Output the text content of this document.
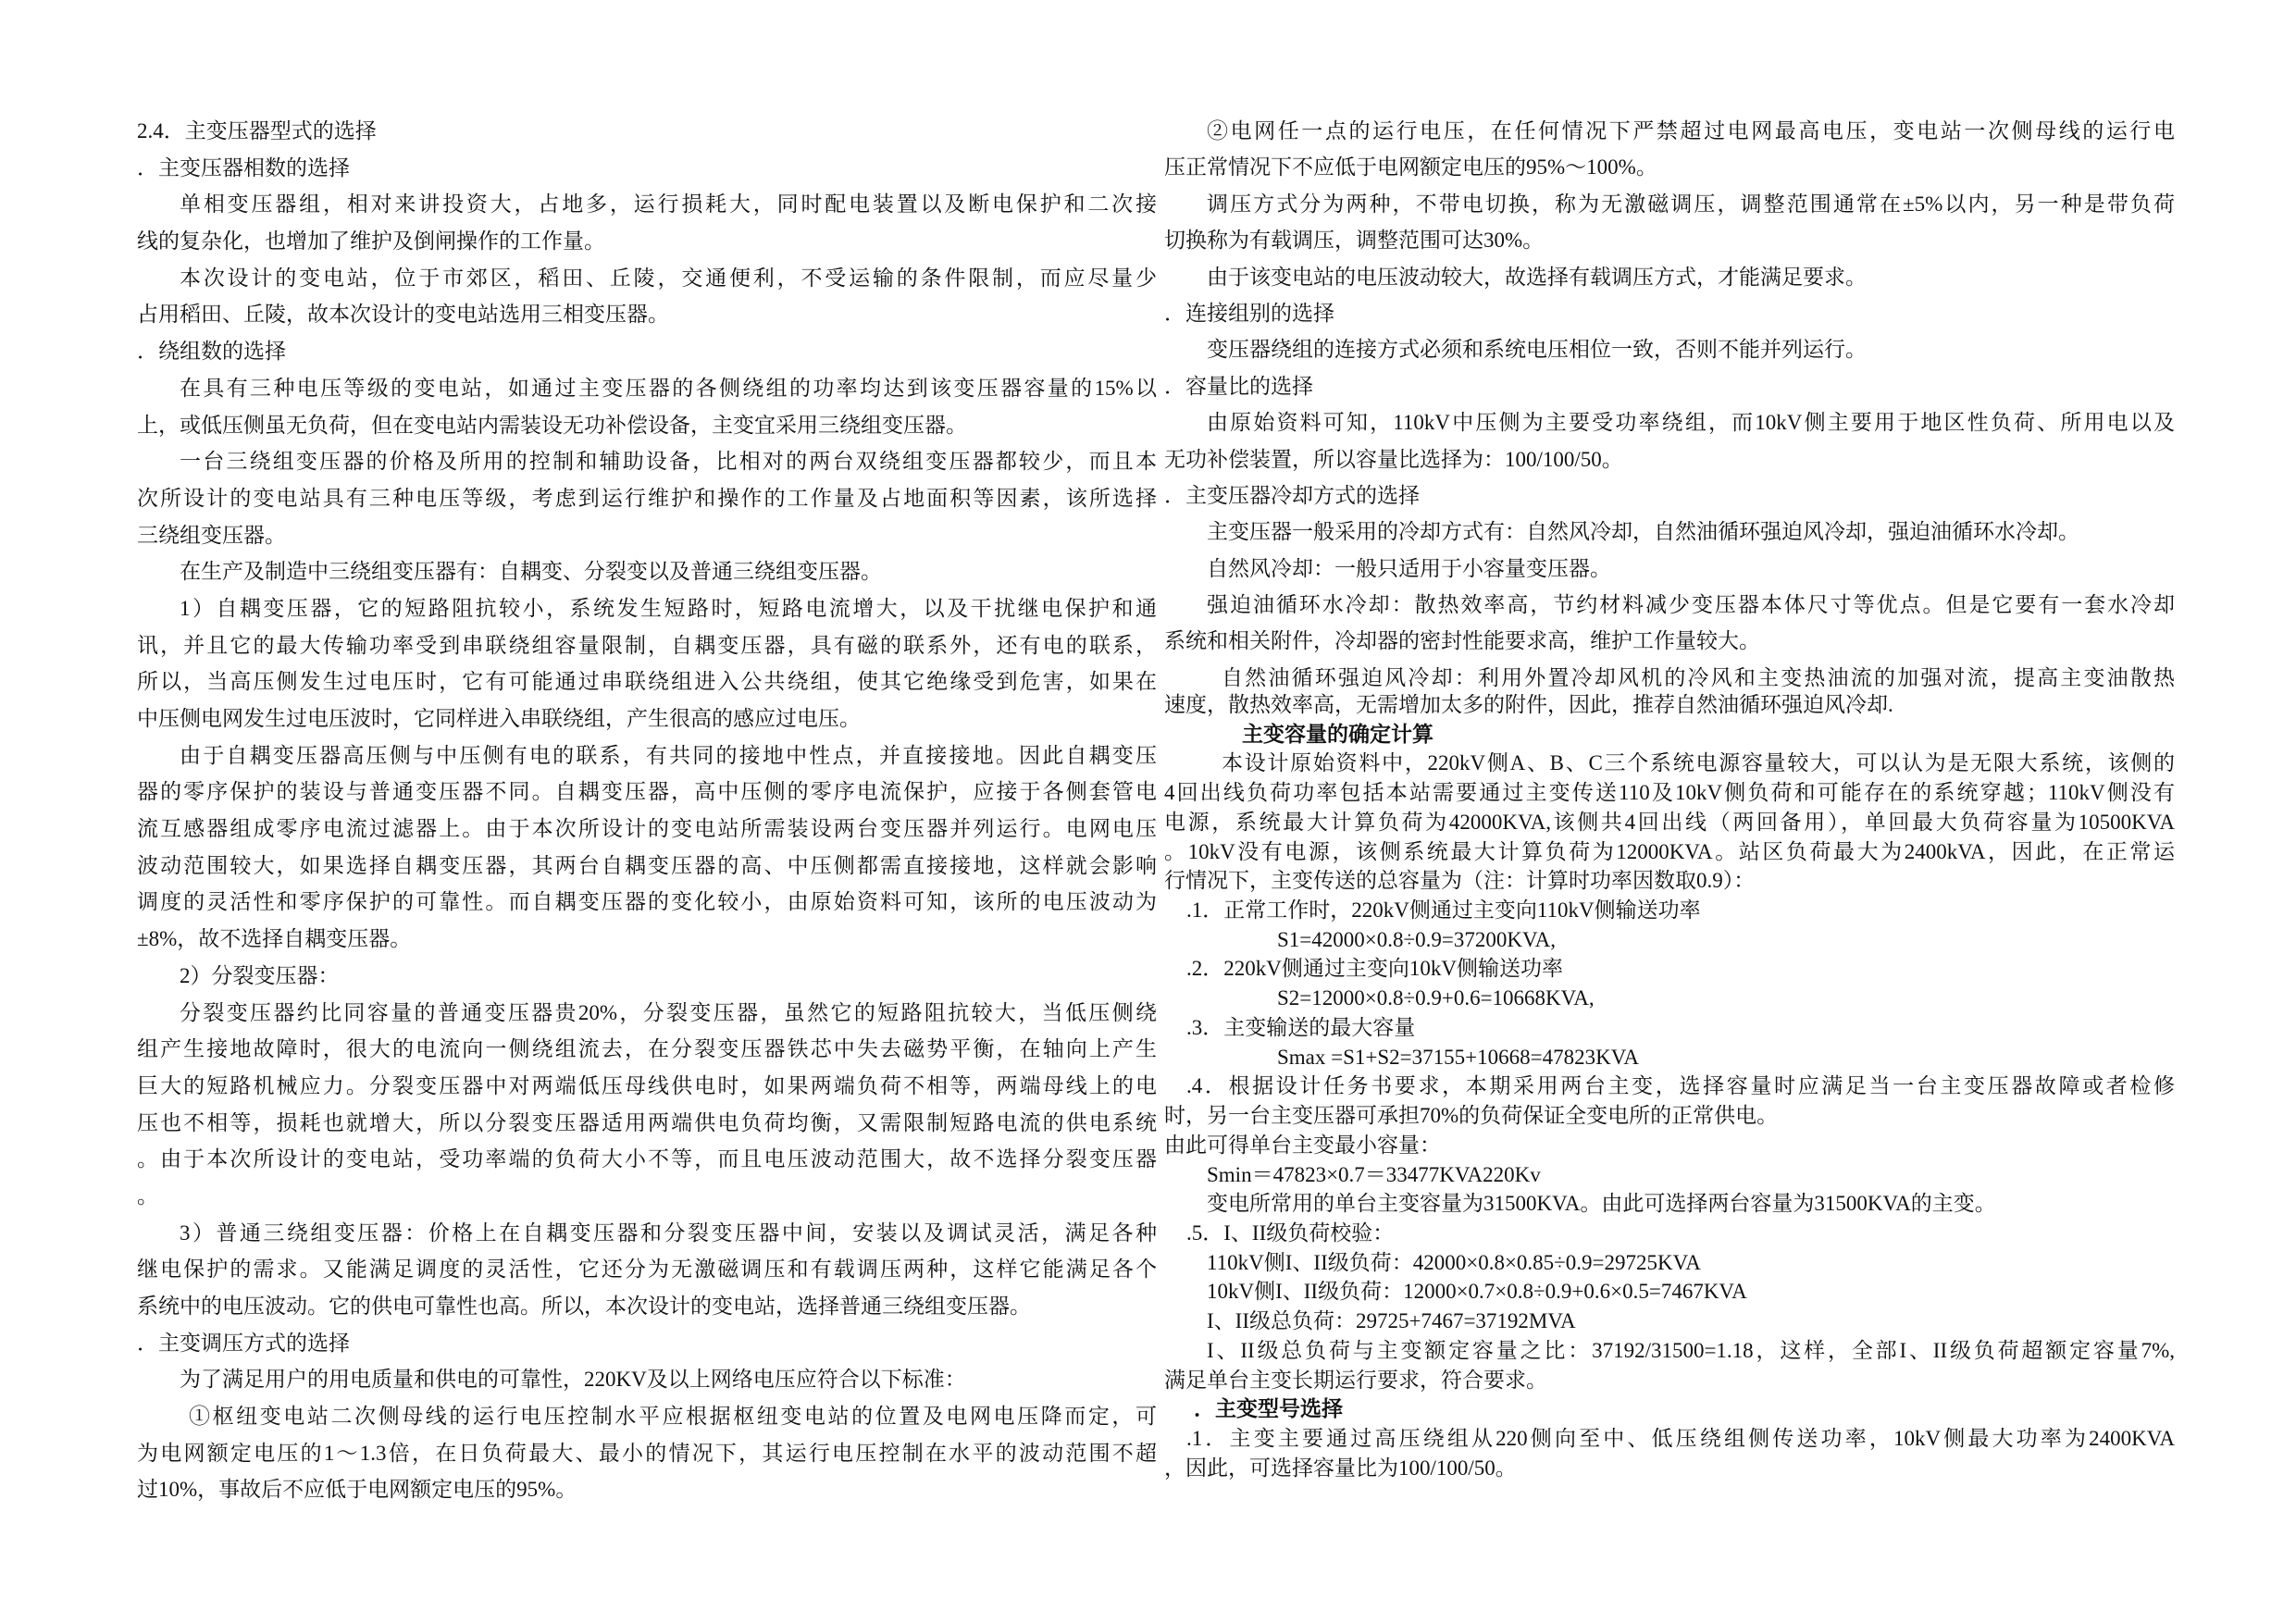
2.4．主变压器型式的选择
．主变压器相数的选择
单相变压器组，相对来讲投资大，占地多，运行损耗大，同时配电装置以及断电保护和二次接
线的复杂化，也增加了维护及倒闸操作的工作量。
本次设计的变电站，位于市郊区，稻田、丘陵，交通便利，不受运输的条件限制，而应尽量少
占用稻田、丘陵，故本次设计的变电站选用三相变压器。
．绕组数的选择
在具有三种电压等级的变电站，如通过主变压器的各侧绕组的功率均达到该变压器容量的15%以
上，或低压侧虽无负荷，但在变电站内需装设无功补偿设备，主变宜采用三绕组变压器。
一台三绕组变压器的价格及所用的控制和辅助设备，比相对的两台双绕组变压器都较少，而且本
次所设计的变电站具有三种电压等级，考虑到运行维护和操作的工作量及占地面积等因素，该所选择
三绕组变压器。
在生产及制造中三绕组变压器有：自耦变、分裂变以及普通三绕组变压器。
1）自耦变压器，它的短路阻抗较小，系统发生短路时，短路电流增大，以及干扰继电保护和通
讯，并且它的最大传输功率受到串联绕组容量限制，自耦变压器，具有磁的联系外，还有电的联系，
所以，当高压侧发生过电压时，它有可能通过串联绕组进入公共绕组，使其它绝缘受到危害，如果在
中压侧电网发生过电压波时，它同样进入串联绕组，产生很高的感应过电压。
由于自耦变压器高压侧与中压侧有电的联系，有共同的接地中性点，并直接接地。因此自耦变压
器的零序保护的装设与普通变压器不同。自耦变压器，高中压侧的零序电流保护，应接于各侧套管电
流互感器组成零序电流过滤器上。由于本次所设计的变电站所需装设两台变压器并列运行。电网电压
波动范围较大，如果选择自耦变压器，其两台自耦变压器的高、中压侧都需直接接地，这样就会影响
调度的灵活性和零序保护的可靠性。而自耦变压器的变化较小，由原始资料可知，该所的电压波动为
±8%，故不选择自耦变压器。
2）分裂变压器：
分裂变压器约比同容量的普通变压器贵20%，分裂变压器，虽然它的短路阻抗较大，当低压侧绕
组产生接地故障时，很大的电流向一侧绕组流去，在分裂变压器铁芯中失去磁势平衡，在轴向上产生
巨大的短路机械应力。分裂变压器中对两端低压母线供电时，如果两端负荷不相等，两端母线上的电
压也不相等，损耗也就增大，所以分裂变压器适用两端供电负荷均衡，又需限制短路电流的供电系统
。由于本次所设计的变电站，受功率端的负荷大小不等，而且电压波动范围大，故不选择分裂变压器
。
3）普通三绕组变压器：价格上在自耦变压器和分裂变压器中间，安装以及调试灵活，满足各种
继电保护的需求。又能满足调度的灵活性，它还分为无激磁调压和有载调压两种，这样它能满足各个
系统中的电压波动。它的供电可靠性也高。所以，本次设计的变电站，选择普通三绕组变压器。
．主变调压方式的选择
为了满足用户的用电质量和供电的可靠性，220KV及以上网络电压应符合以下标准：
①枢纽变电站二次侧母线的运行电压控制水平应根据枢纽变电站的位置及电网电压降而定，可
为电网额定电压的1～1.3倍，在日负荷最大、最小的情况下，其运行电压控制在水平的波动范围不超
过10%，事故后不应低于电网额定电压的95%。
②电网任一点的运行电压，在任何情况下严禁超过电网最高电压，变电站一次侧母线的运行电
压正常情况下不应低于电网额定电压的95%～100%。
调压方式分为两种，不带电切换，称为无激磁调压，调整范围通常在±5%以内，另一种是带负荷
切换称为有载调压，调整范围可达30%。
由于该变电站的电压波动较大，故选择有载调压方式，才能满足要求。
．连接组别的选择
变压器绕组的连接方式必须和系统电压相位一致，否则不能并列运行。
．容量比的选择
由原始资料可知，110kV中压侧为主要受功率绕组，而10kV侧主要用于地区性负荷、所用电以及
无功补偿装置，所以容量比选择为：100/100/50。
．主变压器冷却方式的选择
主变压器一般采用的冷却方式有：自然风冷却，自然油循环强迫风冷却，强迫油循环水冷却。
自然风冷却：一般只适用于小容量变压器。
强迫油循环水冷却：散热效率高，节约材料减少变压器本体尺寸等优点。但是它要有一套水冷却
系统和相关附件，冷却器的密封性能要求高，维护工作量较大。
自然油循环强迫风冷却：利用外置冷却风机的冷风和主变热油流的加强对流，提高主变油散热
速度，散热效率高，无需增加太多的附件，因此，推荐自然油循环强迫风冷却.
主变容量的确定计算
本设计原始资料中，220kV侧A、B、C三个系统电源容量较大，可以认为是无限大系统，该侧的
4回出线负荷功率包括本站需要通过主变传送110及10kV侧负荷和可能存在的系统穿越；110kV侧没有
电源，系统最大计算负荷为42000KVA,该侧共4回出线（两回备用），单回最大负荷容量为10500KVA
。10kV没有电源，该侧系统最大计算负荷为12000KVA。站区负荷最大为2400kVA，因此，在正常运
行情况下，主变传送的总容量为（注：计算时功率因数取0.9）：
.1．正常工作时，220kV侧通过主变向110kV侧输送功率
S1=42000×0.8÷0.9=37200KVA,
.2．220kV侧通过主变向10kV侧输送功率
S2=12000×0.8÷0.9+0.6=10668KVA,
.3．主变输送的最大容量
Smax =S1+S2=37155+10668=47823KVA
.4．根据设计任务书要求，本期采用两台主变，选择容量时应满足当一台主变压器故障或者检修
时，另一台主变压器可承担70%的负荷保证全变电所的正常供电。
由此可得单台主变最小容量：
Smin＝47823×0.7＝33477KVA220Kv
变电所常用的单台主变容量为31500KVA。由此可选择两台容量为31500KVA的主变。
.5．I、II级负荷校验：
110kV侧I、II级负荷：42000×0.8×0.85÷0.9=29725KVA
10kV侧I、II级负荷：12000×0.7×0.8÷0.9+0.6×0.5=7467KVA
I、II级总负荷：29725+7467=37192MVA
I、II级总负荷与主变额定容量之比：37192/31500=1.18，这样，全部I、II级负荷超额定容量7%,
满足单台主变长期运行要求，符合要求。
．主变型号选择
.1．主变主要通过高压绕组从220侧向至中、低压绕组侧传送功率，10kV侧最大功率为2400KVA
，因此，可选择容量比为100/100/50。
